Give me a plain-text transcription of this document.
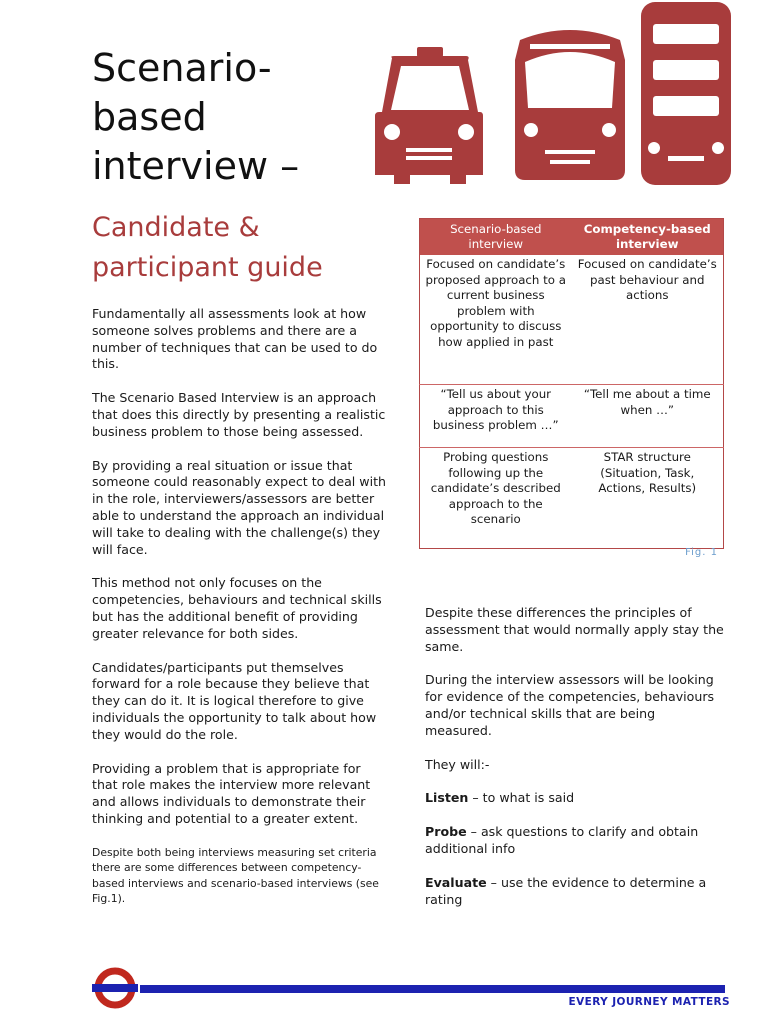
Scenario-based interview –
Candidate & participant guide

Fundamentally all assessments look at how someone solves problems and there are a number of techniques that can be used to do this.

The Scenario Based Interview is an approach that does this directly by presenting a realistic business problem to those being assessed.

By providing a real situation or issue that someone could reasonably expect to deal with in the role, interviewers/assessors are better able to understand the approach an individual will take to dealing with the challenge(s) they will face.

This method not only focuses on the competencies, behaviours and technical skills but has the additional benefit of providing greater relevance for both sides.

Candidates/participants put themselves forward for a role because they believe that they can do it. It is logical therefore to give individuals the opportunity to talk about how they would do the role.

Providing a problem that is appropriate for that role makes the interview more relevant and allows individuals to demonstrate their thinking and potential to a greater extent.

Despite both being interviews measuring set criteria there are some differences between competency-based interviews and scenario-based interviews (see Fig.1).

Scenario-based interview	Competency-based interview
Focused on candidate’s proposed approach to a current business problem with opportunity to discuss how applied in past	Focused on candidate’s past behaviour and actions
“Tell us about your approach to this business problem …”	“Tell me about a time when …”
Probing questions following up the candidate’s described approach to the scenario	STAR structure (Situation, Task, Actions, Results)
Fig. 1

Despite these differences the principles of assessment that would normally apply stay the same.

During the interview assessors will be looking for evidence of the competencies, behaviours and/or technical skills that are being measured.

They will:-

Listen – to what is said

Probe – ask questions to clarify and obtain additional info

Evaluate – use the evidence to determine a rating

EVERY JOURNEY MATTERS
